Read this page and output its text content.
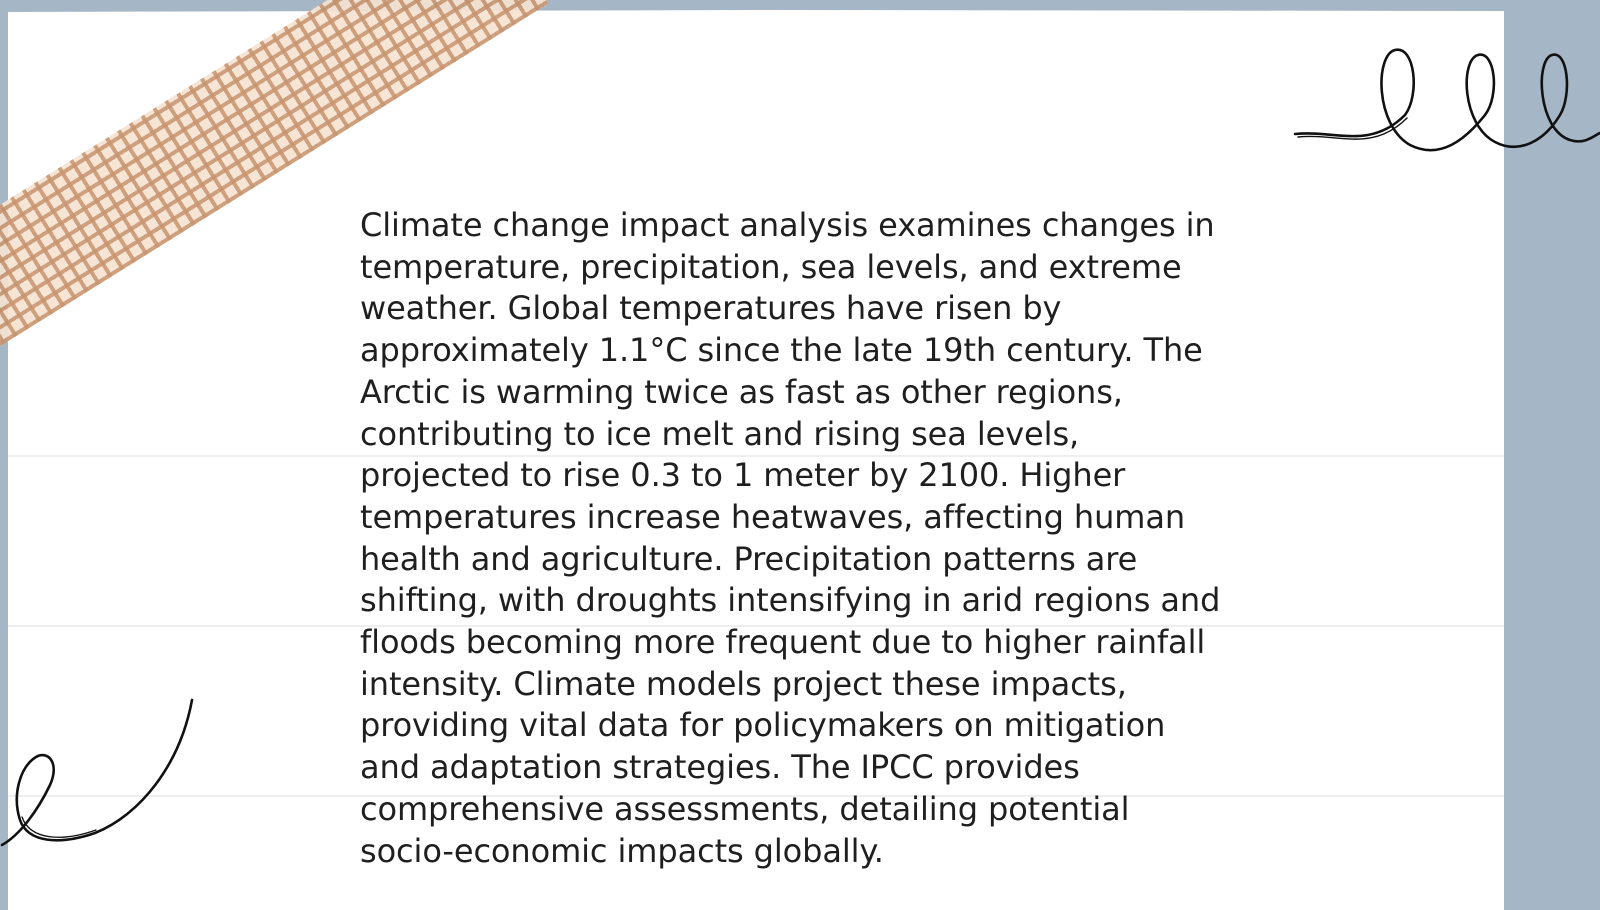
Climate change impact analysis examines changes in temperature, precipitation, sea levels, and extreme weather. Global temperatures have risen by approximately 1.1°C since the late 19th century. The Arctic is warming twice as fast as other regions, contributing to ice melt and rising sea levels, projected to rise 0.3 to 1 meter by 2100. Higher temperatures increase heatwaves, affecting human health and agriculture. Precipitation patterns are shifting, with droughts intensifying in arid regions and floods becoming more frequent due to higher rainfall intensity. Climate models project these impacts, providing vital data for policymakers on mitigation and adaptation strategies. The IPCC provides comprehensive assessments, detailing potential socio-economic impacts globally.
